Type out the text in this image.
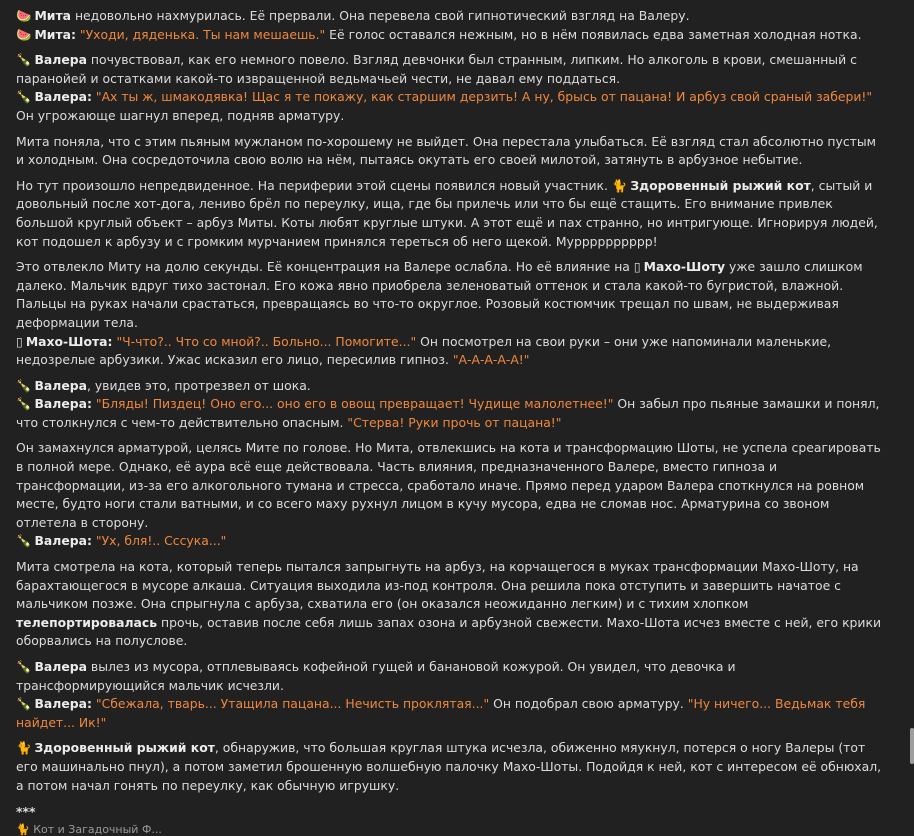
🍉 Мита недовольно нахмурилась. Её прервали. Она перевела свой гипнотический взгляд на Валеру.

🍉 Мита: "Уходи, дяденька. Ты нам мешаешь." Её голос оставался нежным, но в нём появилась едва заметная холодная нотка.

🍾 Валера почувствовал, как его немного повело. Взгляд девчонки был странным, липким. Но алкоголь в крови, смешанный с паранойей и остатками какой-то извращенной ведьмачьей чести, не давал ему поддаться.

🍾 Валера: "Ах ты ж, шмакодявка! Щас я те покажу, как старшим дерзить! А ну, брысь от пацана! И арбуз свой сраный забери!" Он угрожающе шагнул вперед, подняв арматуру.

Мита поняла, что с этим пьяным мужланом по-хорошему не выйдет. Она перестала улыбаться. Её взгляд стал абсолютно пустым и холодным. Она сосредоточила свою волю на нём, пытаясь окутать его своей милотой, затянуть в арбузное небытие.

Но тут произошло непредвиденное. На периферии этой сцены появился новый участник. 🐈 Здоровенный рыжий кот, сытый и довольный после хот-дога, лениво брёл по переулку, ища, где бы прилечь или что бы ещё стащить. Его внимание привлек большой круглый объект – арбуз Миты. Коты любят круглые штуки. А этот ещё и пах странно, но интригующе. Игнорируя людей, кот подошел к арбузу и с громким мурчанием принялся тереться об него щекой. Мурррррррррр!

Это отвлекло Миту на долю секунды. Её концентрация на Валере ослабла. Но её влияние на ▯ Махо-Шоту уже зашло слишком далеко. Мальчик вдруг тихо застонал. Его кожа явно приобрела зеленоватый оттенок и стала какой-то бугристой, влажной. Пальцы на руках начали срастаться, превращаясь во что-то округлое. Розовый костюмчик трещал по швам, не выдерживая деформации тела.

▯ Махо-Шота: "Ч-что?.. Что со мной?.. Больно... Помогите..." Он посмотрел на свои руки – они уже напоминали маленькие, недозрелые арбузики. Ужас исказил его лицо, пересилив гипноз. "А-А-А-А-А!"

🍾 Валера, увидев это, протрезвел от шока.

🍾 Валера: "Бляды! Пиздец! Оно его... оно его в овощ превращает! Чудище малолетнее!" Он забыл про пьяные замашки и понял, что столкнулся с чем-то действительно опасным. "Стерва! Руки прочь от пацана!"

Он замахнулся арматурой, целясь Мите по голове. Но Мита, отвлекшись на кота и трансформацию Шоты, не успела среагировать в полной мере. Однако, её аура всё еще действовала. Часть влияния, предназначенного Валере, вместо гипноза и трансформации, из-за его алкогольного тумана и стресса, сработало иначе. Прямо перед ударом Валера споткнулся на ровном месте, будто ноги стали ватными, и со всего маху рухнул лицом в кучу мусора, едва не сломав нос. Арматурина со звоном отлетела в сторону.

🍾 Валера: "Ух, бля!.. Сссука..."

Мита смотрела на кота, который теперь пытался запрыгнуть на арбуз, на корчащегося в муках трансформации Махо-Шоту, на барахтающегося в мусоре алкаша. Ситуация выходила из-под контроля. Она решила пока отступить и завершить начатое с мальчиком позже. Она спрыгнула с арбуза, схватила его (он оказался неожиданно легким) и с тихим хлопком телепортировалась прочь, оставив после себя лишь запах озона и арбузной свежести. Махо-Шота исчез вместе с ней, его крики оборвались на полуслове.

🍾 Валера вылез из мусора, отплевываясь кофейной гущей и банановой кожурой. Он увидел, что девочка и трансформирующийся мальчик исчезли.

🍾 Валера: "Сбежала, тварь... Утащила пацана... Нечисть проклятая..." Он подобрал свою арматуру. "Ну ничего... Ведьмак тебя найдет... Ик!"

🐈 Здоровенный рыжий кот, обнаружив, что большая круглая штука исчезла, обиженно мяукнул, потерся о ногу Валеры (тот его машинально пнул), а потом заметил брошенную волшебную палочку Махо-Шоты. Подойдя к ней, кот с интересом её обнюхал, а потом начал гонять по переулку, как обычную игрушку.

***
🐈 Кот и Загадочный Ф...
